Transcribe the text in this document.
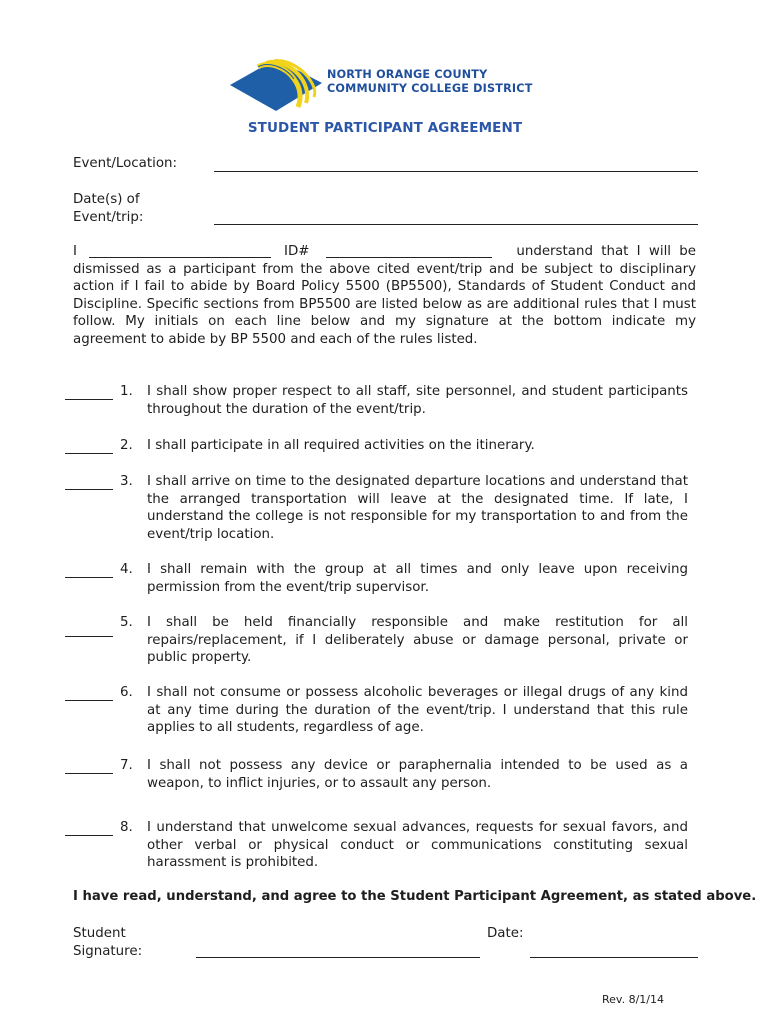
NORTH ORANGE COUNTY
COMMUNITY COLLEGE DISTRICT
STUDENT PARTICIPANT AGREEMENT
Event/Location:
Date(s) of
Event/trip:
I	ID#	understand that I will be
dismissed as a participant from the above cited event/trip and be subject to disciplinary action if I fail to abide by Board Policy 5500 (BP5500), Standards of Student Conduct and Discipline. Specific sections from BP5500 are listed below as are additional rules that I must follow. My initials on each line below and my signature at the bottom indicate my agreement to abide by BP 5500 and each of the rules listed.
1. I shall show proper respect to all staff, site personnel, and student participants throughout the duration of the event/trip.
2. I shall participate in all required activities on the itinerary.
3. I shall arrive on time to the designated departure locations and understand that the arranged transportation will leave at the designated time. If late, I understand the college is not responsible for my transportation to and from the event/trip location.
4. I shall remain with the group at all times and only leave upon receiving permission from the event/trip supervisor.
5. I shall be held financially responsible and make restitution for all repairs/replacement, if I deliberately abuse or damage personal, private or public property.
6. I shall not consume or possess alcoholic beverages or illegal drugs of any kind at any time during the duration of the event/trip. I understand that this rule applies to all students, regardless of age.
7. I shall not possess any device or paraphernalia intended to be used as a weapon, to inflict injuries, or to assault any person.
8. I understand that unwelcome sexual advances, requests for sexual favors, and other verbal or physical conduct or communications constituting sexual harassment is prohibited.
I have read, understand, and agree to the Student Participant Agreement, as stated above.
Student
Signature:
Date:
Rev. 8/1/14
